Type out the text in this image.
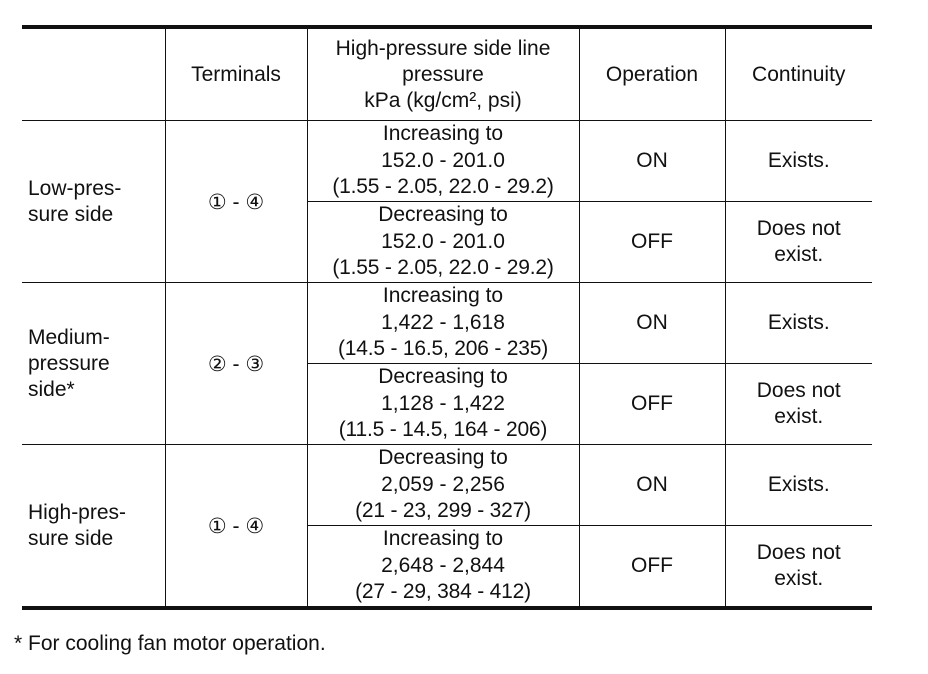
	Terminals	High-pressure side line
pressure
kPa (kg/cm², psi)	Operation	Continuity

Low-pres-
sure side	① - ④	Increasing to
152.0 - 201.0
(1.55 - 2.05, 22.0 - 29.2)	ON	Exists.

		Decreasing to
152.0 - 201.0
(1.55 - 2.05, 22.0 - 29.2)	OFF	Does not
exist.

Medium-
pressure
side*	② - ③	Increasing to
1,422 - 1,618
(14.5 - 16.5, 206 - 235)	ON	Exists.

		Decreasing to
1,128 - 1,422
(11.5 - 14.5, 164 - 206)	OFF	Does not
exist.

High-pres-
sure side	① - ④	Decreasing to
2,059 - 2,256
(21 - 23, 299 - 327)	ON	Exists.

		Increasing to
2,648 - 2,844
(27 - 29, 384 - 412)	OFF	Does not
exist.
* For cooling fan motor operation.
